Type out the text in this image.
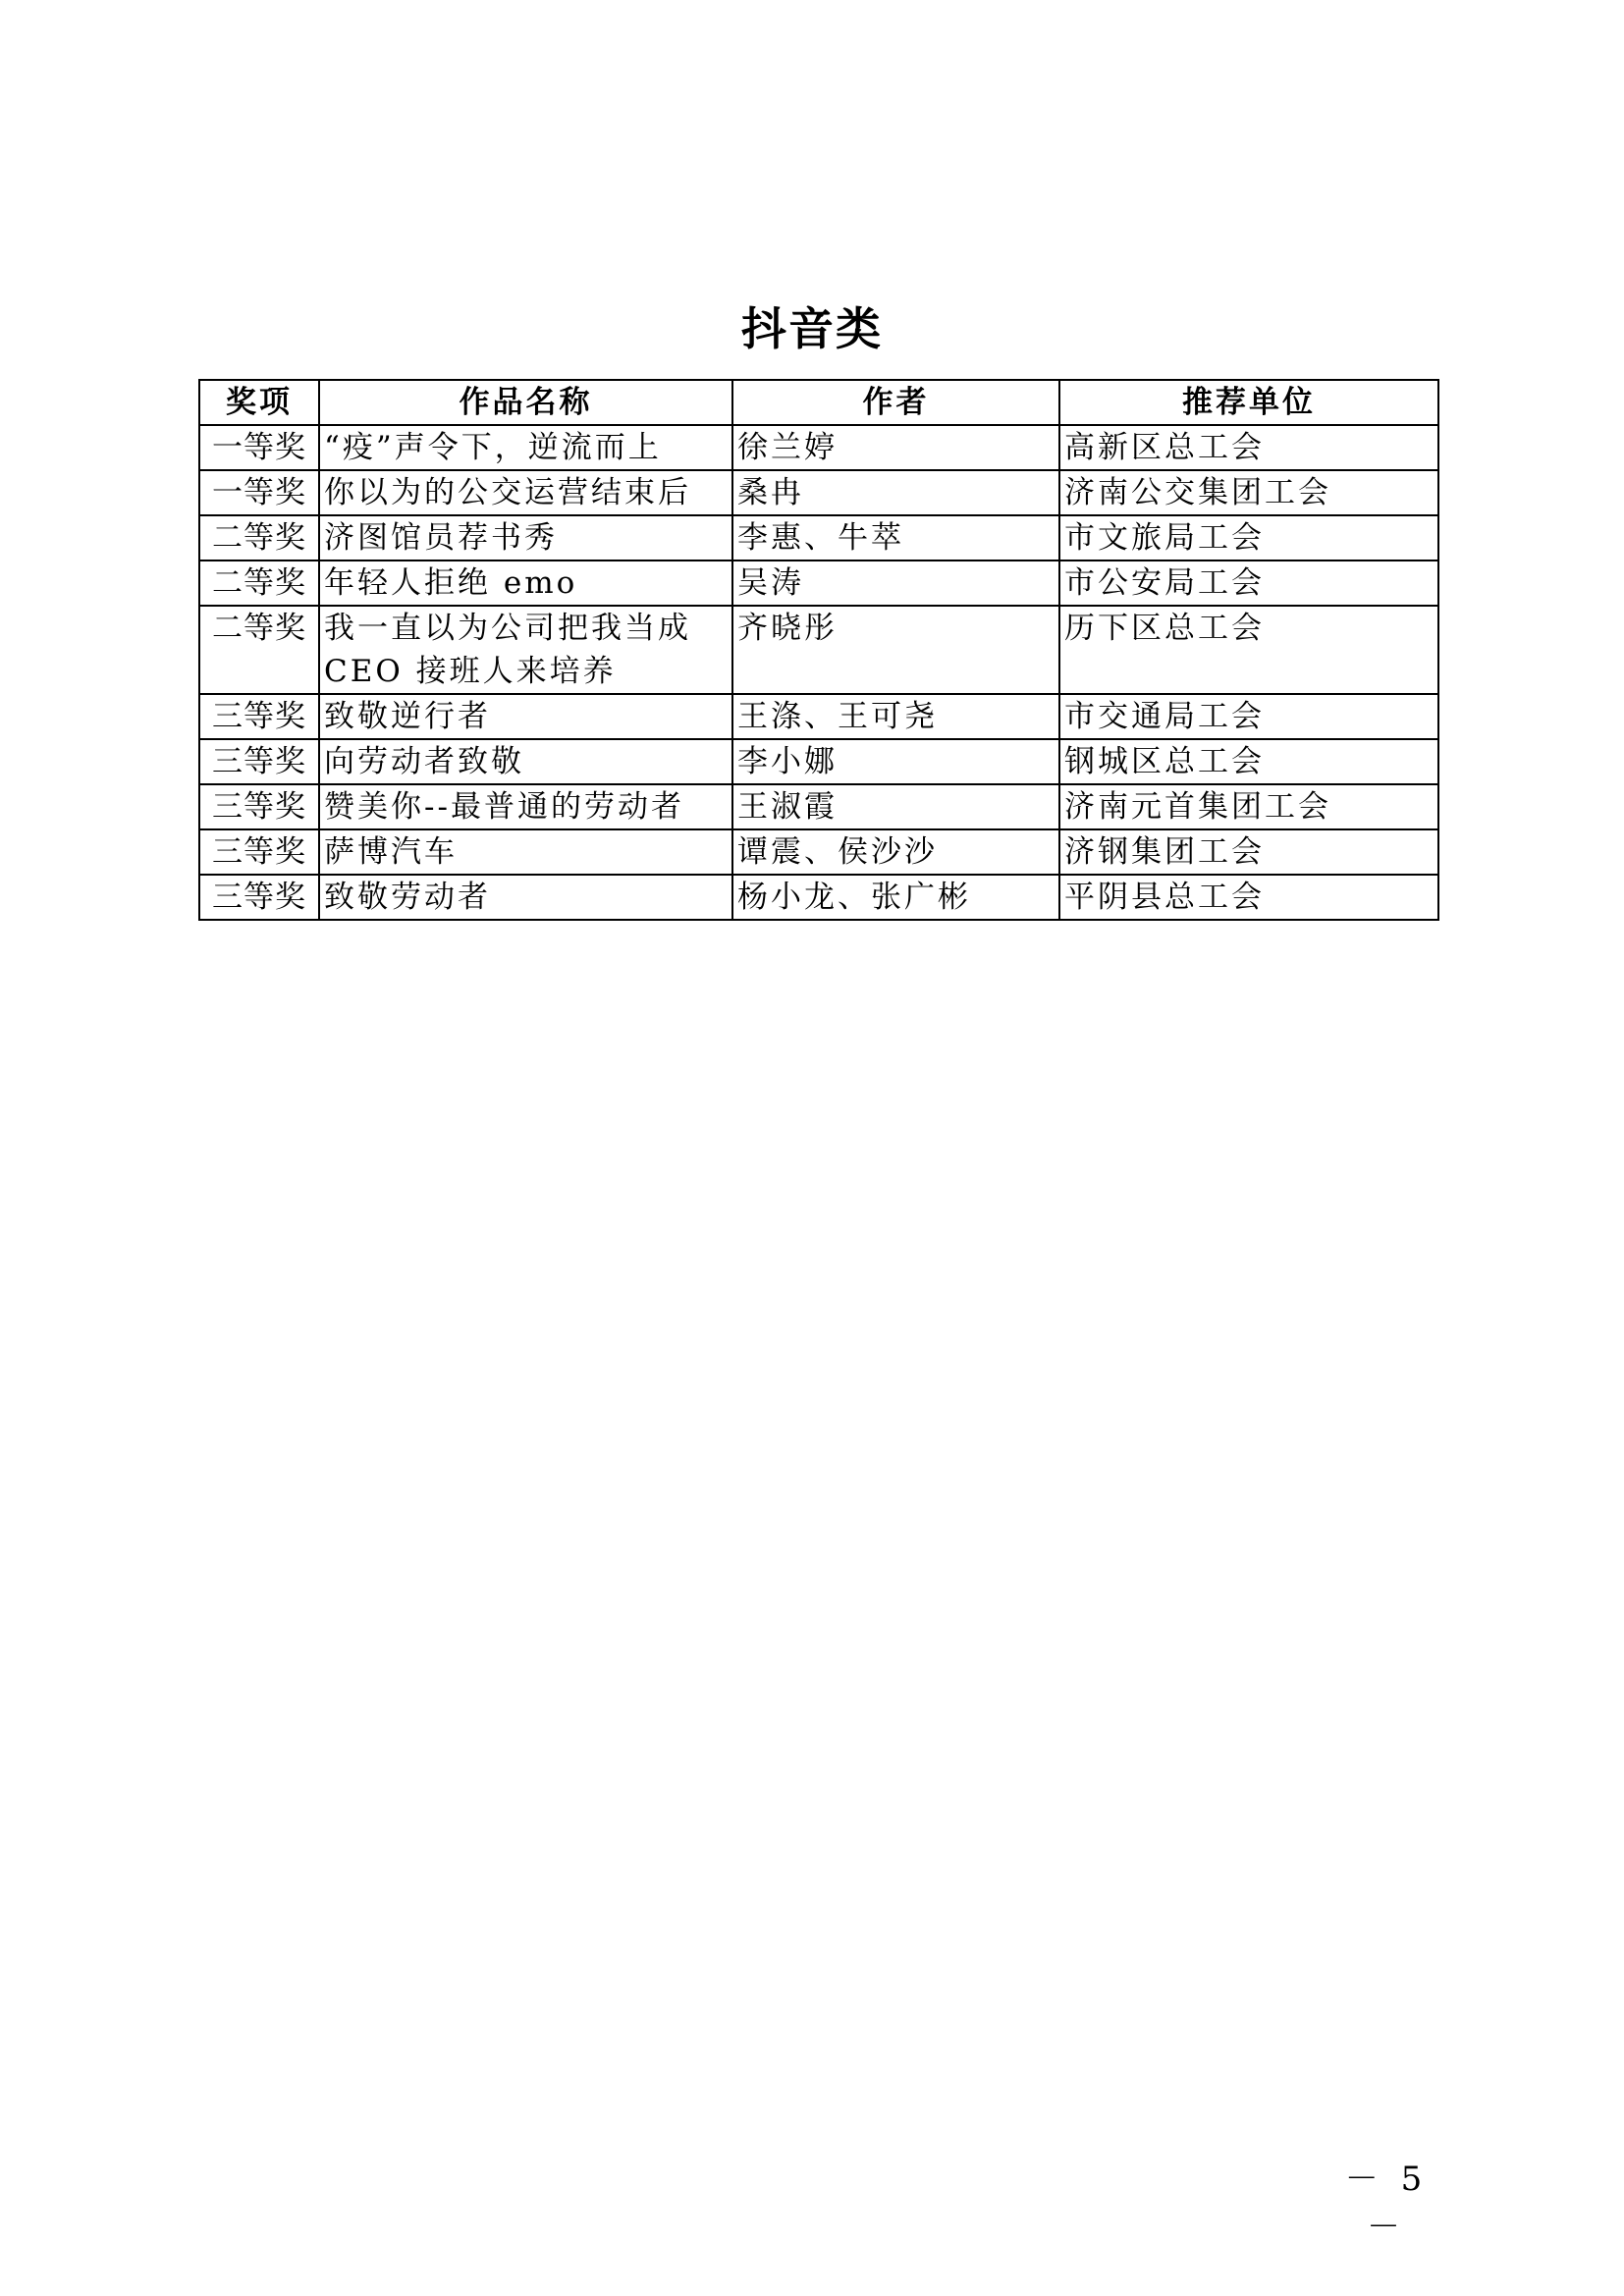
抖音类
奖项	作品名称	作者	推荐单位
一等奖	“疫”声令下，逆流而上	徐兰婷	高新区总工会
一等奖	你以为的公交运营结束后	桑冉	济南公交集团工会
二等奖	济图馆员荐书秀	李惠、牛萃	市文旅局工会
二等奖	年轻人拒绝 emo	吴涛	市公安局工会
二等奖	我一直以为公司把我当成CEO 接班人来培养	齐晓彤	历下区总工会
三等奖	致敬逆行者	王涤、王可尧	市交通局工会
三等奖	向劳动者致敬	李小娜	钢城区总工会
三等奖	赞美你--最普通的劳动者	王淑霞	济南元首集团工会
三等奖	萨博汽车	谭震、侯沙沙	济钢集团工会
三等奖	致敬劳动者	杨小龙、张广彬	平阴县总工会
－ 5 －
